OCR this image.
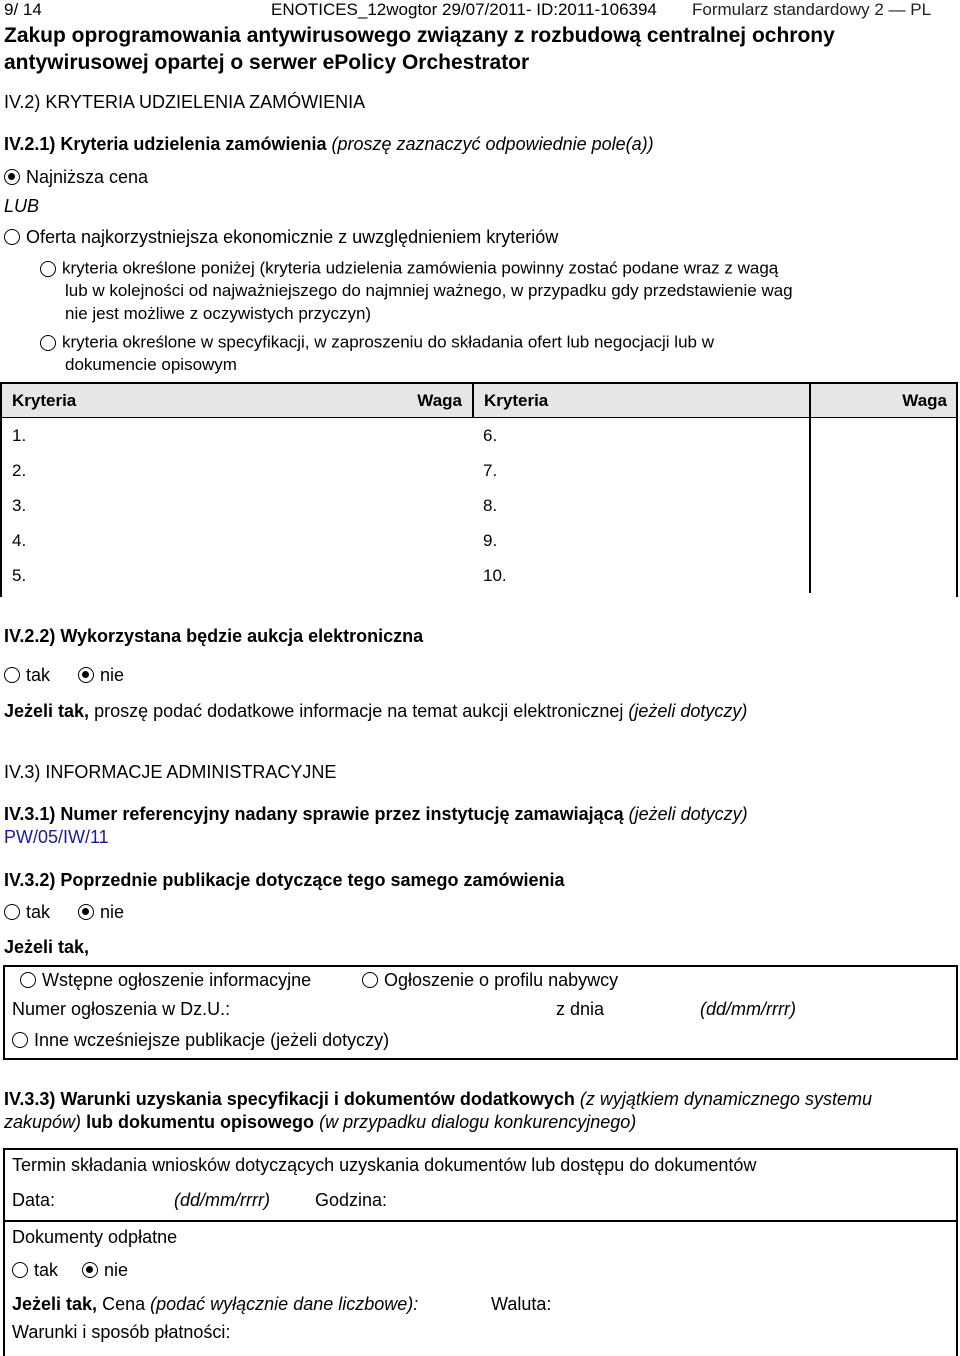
9/ 14	ENOTICES_12wogtor 29/07/2011- ID:2011-106394 Formularz standardowy 2 — PL
Zakup oprogramowania antywirusowego związany z rozbudową centralnej ochrony
antywirusowej opartej o serwer ePolicy Orchestrator
IV.2) KRYTERIA UDZIELENIA ZAMÓWIENIA
IV.2.1) Kryteria udzielenia zamówienia (proszę zaznaczyć odpowiednie pole(a))
Najniższa cena
LUB
Oferta najkorzystniejsza ekonomicznie z uwzględnieniem kryteriów
kryteria określone poniżej (kryteria udzielenia zamówienia powinny zostać podane wraz z wagą
lub w kolejności od najważniejszego do najmniej ważnego, w przypadku gdy przedstawienie wag
nie jest możliwe z oczywistych przyczyn)
kryteria określone w specyfikacji, w zaproszeniu do składania ofert lub negocjacji lub w
dokumencie opisowym
Kryteria	Waga	Kryteria	Waga
1.		6.	
2.		7.	
3.		8.	
4.		9.	
5.		10.	
IV.2.2) Wykorzystana będzie aukcja elektroniczna
tak	nie
Jeżeli tak, proszę podać dodatkowe informacje na temat aukcji elektronicznej (jeżeli dotyczy)
IV.3) INFORMACJE ADMINISTRACYJNE
IV.3.1) Numer referencyjny nadany sprawie przez instytucję zamawiającą (jeżeli dotyczy)
PW/05/IW/11
IV.3.2) Poprzednie publikacje dotyczące tego samego zamówienia
tak	nie
Jeżeli tak,
Wstępne ogłoszenie informacyjne	Ogłoszenie o profilu nabywcy
Numer ogłoszenia w Dz.U.:	z dnia	(dd/mm/rrrr)
Inne wcześniejsze publikacje (jeżeli dotyczy)
IV.3.3) Warunki uzyskania specyfikacji i dokumentów dodatkowych (z wyjątkiem dynamicznego systemu
zakupów) lub dokumentu opisowego (w przypadku dialogu konkurencyjnego)
Termin składania wniosków dotyczących uzyskania dokumentów lub dostępu do dokumentów
Data:	(dd/mm/rrrr)	Godzina:
Dokumenty odpłatne
tak	nie
Jeżeli tak, Cena (podać wyłącznie dane liczbowe):	Waluta:
Warunki i sposób płatności:
